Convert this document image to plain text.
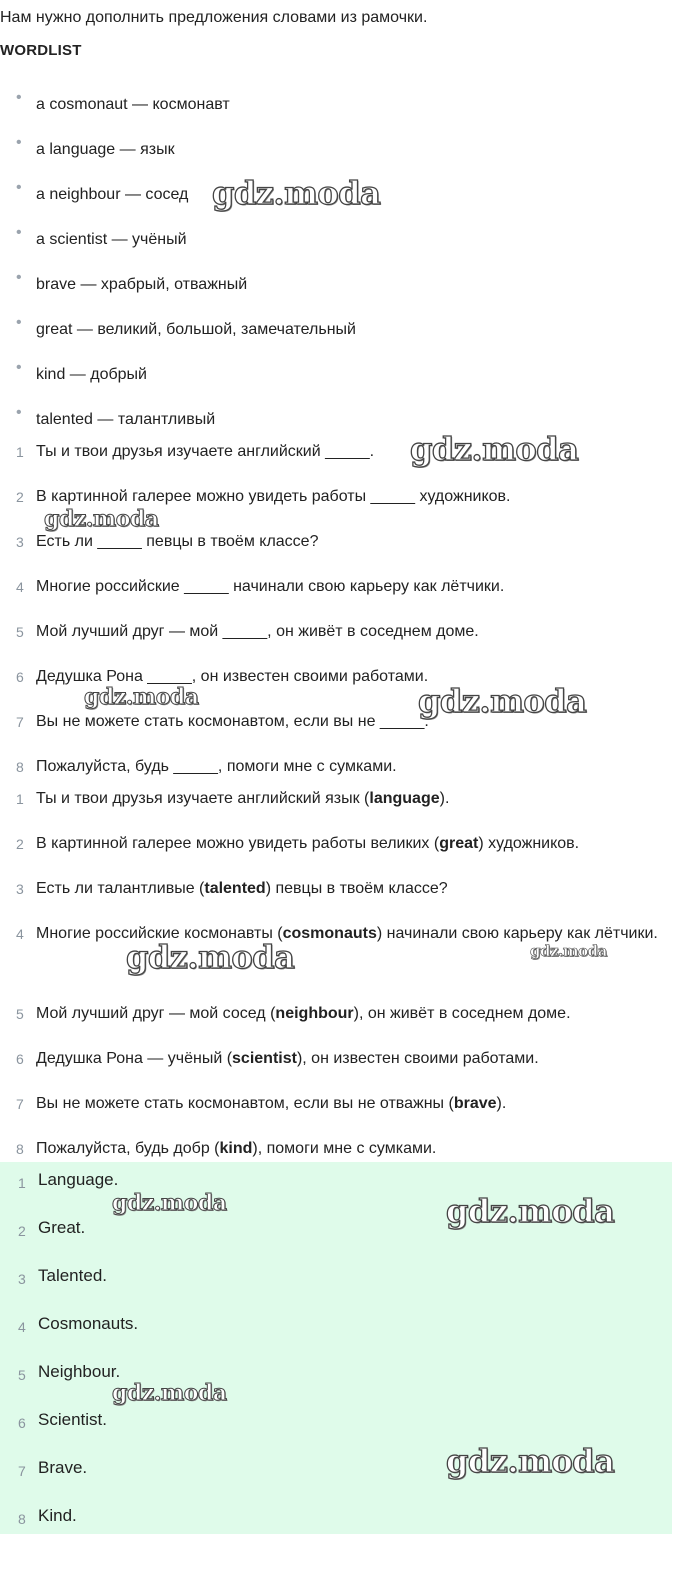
Нам нужно дополнить предложения словами из рамочки.
WORDLIST
• a cosmonaut — космонавт
• a language — язык
• a neighbour — сосед
• a scientist — учёный
• brave — храбрый, отважный
• great — великий, большой, замечательный
• kind — добрый
• talented — талантливый
1 Ты и твои друзья изучаете английский _____.
2 В картинной галерее можно увидеть работы _____ художников.
3 Есть ли _____ певцы в твоём классе?
4 Многие российские _____ начинали свою карьеру как лётчики.
5 Мой лучший друг — мой _____, он живёт в соседнем доме.
6 Дедушка Рона _____, он известен своими работами.
7 Вы не можете стать космонавтом, если вы не _____.
8 Пожалуйста, будь _____, помоги мне с сумками.
1 Ты и твои друзья изучаете английский язык (language).
2 В картинной галерее можно увидеть работы великих (great) художников.
3 Есть ли талантливые (talented) певцы в твоём классе?
4 Многие российские космонавты (cosmonauts) начинали свою карьеру как лётчики.
5 Мой лучший друг — мой сосед (neighbour), он живёт в соседнем доме.
6 Дедушка Рона — учёный (scientist), он известен своими работами.
7 Вы не можете стать космонавтом, если вы не отважны (brave).
8 Пожалуйста, будь добр (kind), помоги мне с сумками.
1 Language.
2 Great.
3 Talented.
4 Cosmonauts.
5 Neighbour.
6 Scientist.
7 Brave.
8 Kind.
gdz.moda
gdz.moda
gdz.moda
gdz.moda	gdz.moda
gdz.moda	gdz.moda
gdz.moda	gdz.moda
gdz.moda
gdz.moda
